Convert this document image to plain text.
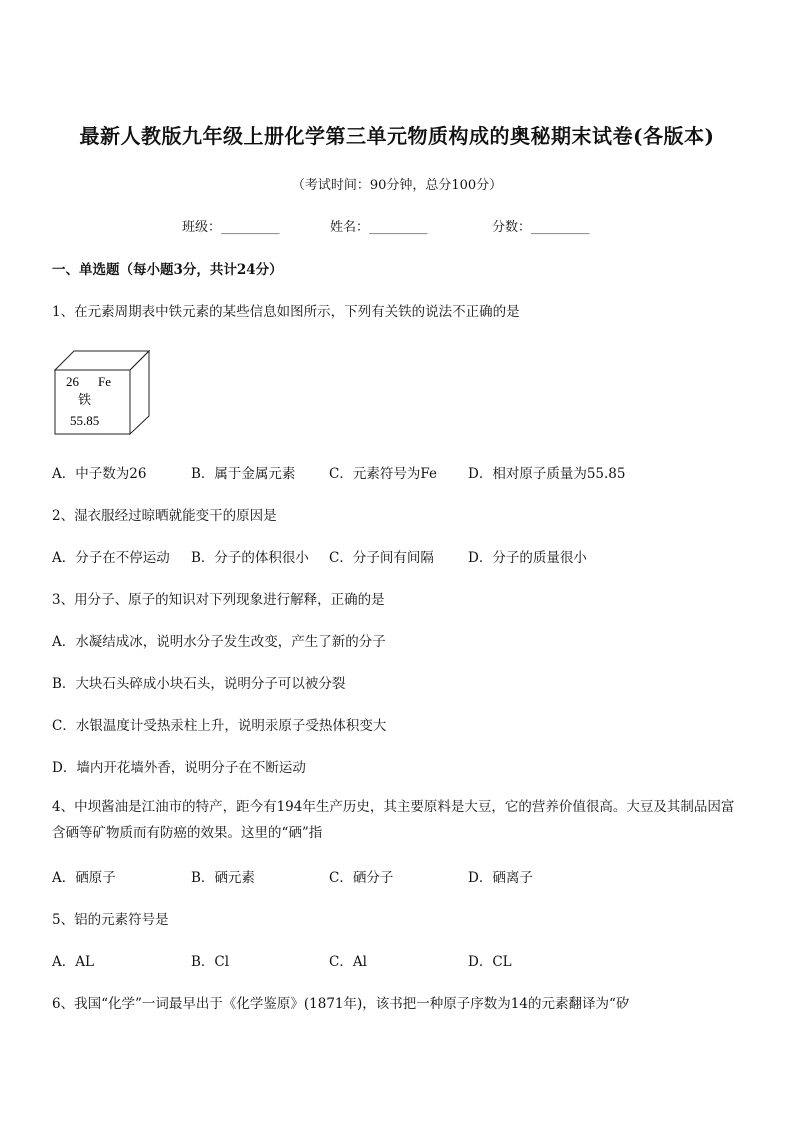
最新人教版九年级上册化学第三单元物质构成的奥秘期末试卷(各版本)
（考试时间：90分钟，总分100分）
班级：_________	姓名：_________	分数：_________
一、单选题（每小题3分，共计24分）
1、在元素周期表中铁元素的某些信息如图所示，下列有关铁的说法不正确的是
26 Fe
铁
55.85
A．中子数为26	B．属于金属元素 C．元素符号为Fe D．相对原子质量为55.85
2、湿衣服经过晾晒就能变干的原因是
A．分子在不停运动 B．分子的体积很小 C．分子间有间隔	D．分子的质量很小
3、用分子、原子的知识对下列现象进行解释，正确的是
A．水凝结成冰，说明水分子发生改变，产生了新的分子
B．大块石头碎成小块石头，说明分子可以被分裂
C．水银温度计受热汞柱上升，说明汞原子受热体积变大
D．墙内开花墙外香，说明分子在不断运动
4、中坝酱油是江油市的特产，距今有194年生产历史，其主要原料是大豆，它的营养价值很高。大豆及其制品因富含硒等矿物质而有防癌的效果。这里的“硒”指
A．硒原子	B．硒元素	C．硒分子	D．硒离子
5、铝的元素符号是
A．AL	B．Cl	C．Al	D．CL
6、我国“化学”一词最早出于《化学鉴原》(1871年)，该书把一种原子序数为14的元素翻译为“矽
